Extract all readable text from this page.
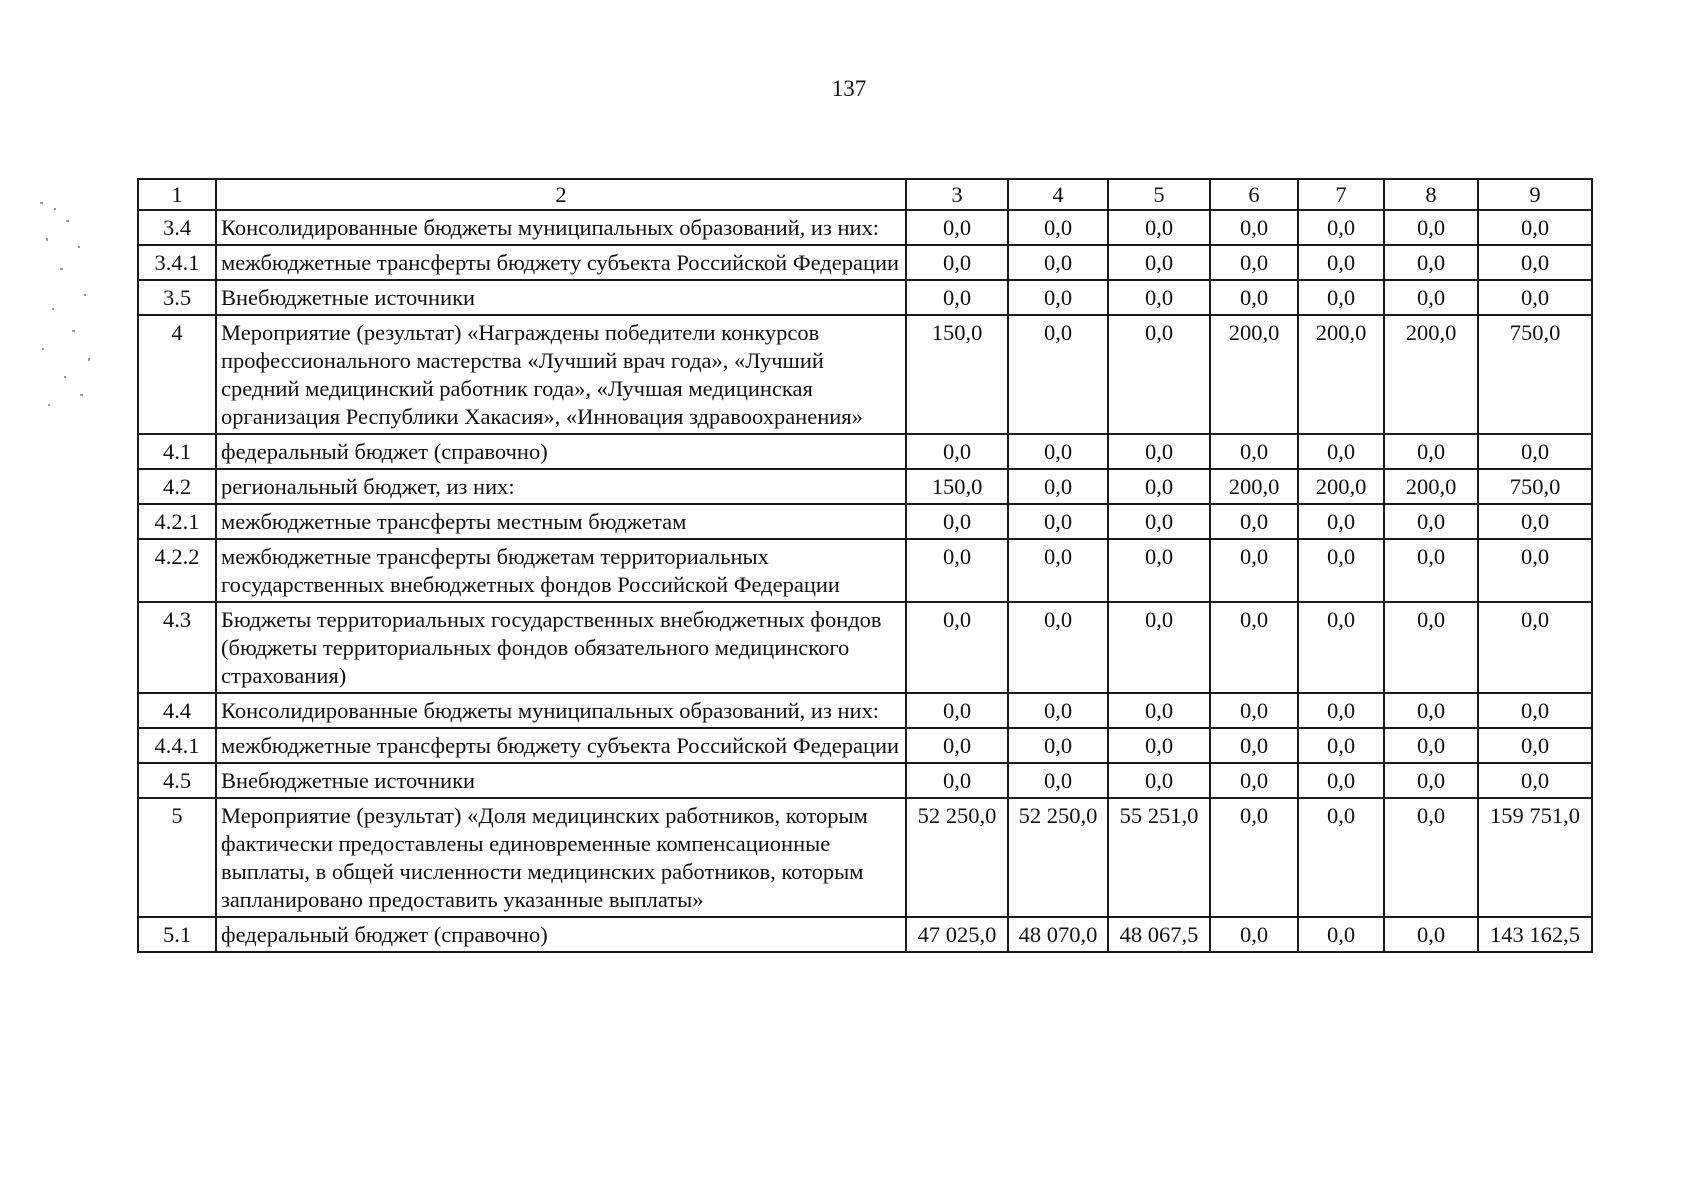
137
1	2	3	4	5	6	7	8	9
3.4	Консолидированные бюджеты муниципальных образований, из них:	0,0	0,0	0,0	0,0	0,0	0,0	0,0
3.4.1	межбюджетные трансферты бюджету субъекта Российской Федерации	0,0	0,0	0,0	0,0	0,0	0,0	0,0
3.5	Внебюджетные источники	0,0	0,0	0,0	0,0	0,0	0,0	0,0
4	Мероприятие (результат) «Награждены победители конкурсов профессионального мастерства «Лучший врач года», «Лучший средний медицинский работник года», «Лучшая медицинская организация Республики Хакасия», «Инновация здравоохранения»	150,0	0,0	0,0	200,0	200,0	200,0	750,0
4.1	федеральный бюджет (справочно)	0,0	0,0	0,0	0,0	0,0	0,0	0,0
4.2	региональный бюджет, из них:	150,0	0,0	0,0	200,0	200,0	200,0	750,0
4.2.1	межбюджетные трансферты местным бюджетам	0,0	0,0	0,0	0,0	0,0	0,0	0,0
4.2.2	межбюджетные трансферты бюджетам территориальных государственных внебюджетных фондов Российской Федерации	0,0	0,0	0,0	0,0	0,0	0,0	0,0
4.3	Бюджеты территориальных государственных внебюджетных фондов (бюджеты территориальных фондов обязательного медицинского страхования)	0,0	0,0	0,0	0,0	0,0	0,0	0,0
4.4	Консолидированные бюджеты муниципальных образований, из них:	0,0	0,0	0,0	0,0	0,0	0,0	0,0
4.4.1	межбюджетные трансферты бюджету субъекта Российской Федерации	0,0	0,0	0,0	0,0	0,0	0,0	0,0
4.5	Внебюджетные источники	0,0	0,0	0,0	0,0	0,0	0,0	0,0
5	Мероприятие (результат) «Доля медицинских работников, которым фактически предоставлены единовременные компенсационные выплаты, в общей численности медицинских работников, которым запланировано предоставить указанные выплаты»	52 250,0	52 250,0	55 251,0	0,0	0,0	0,0	159 751,0
5.1	федеральный бюджет (справочно)	47 025,0	48 070,0	48 067,5	0,0	0,0	0,0	143 162,5
